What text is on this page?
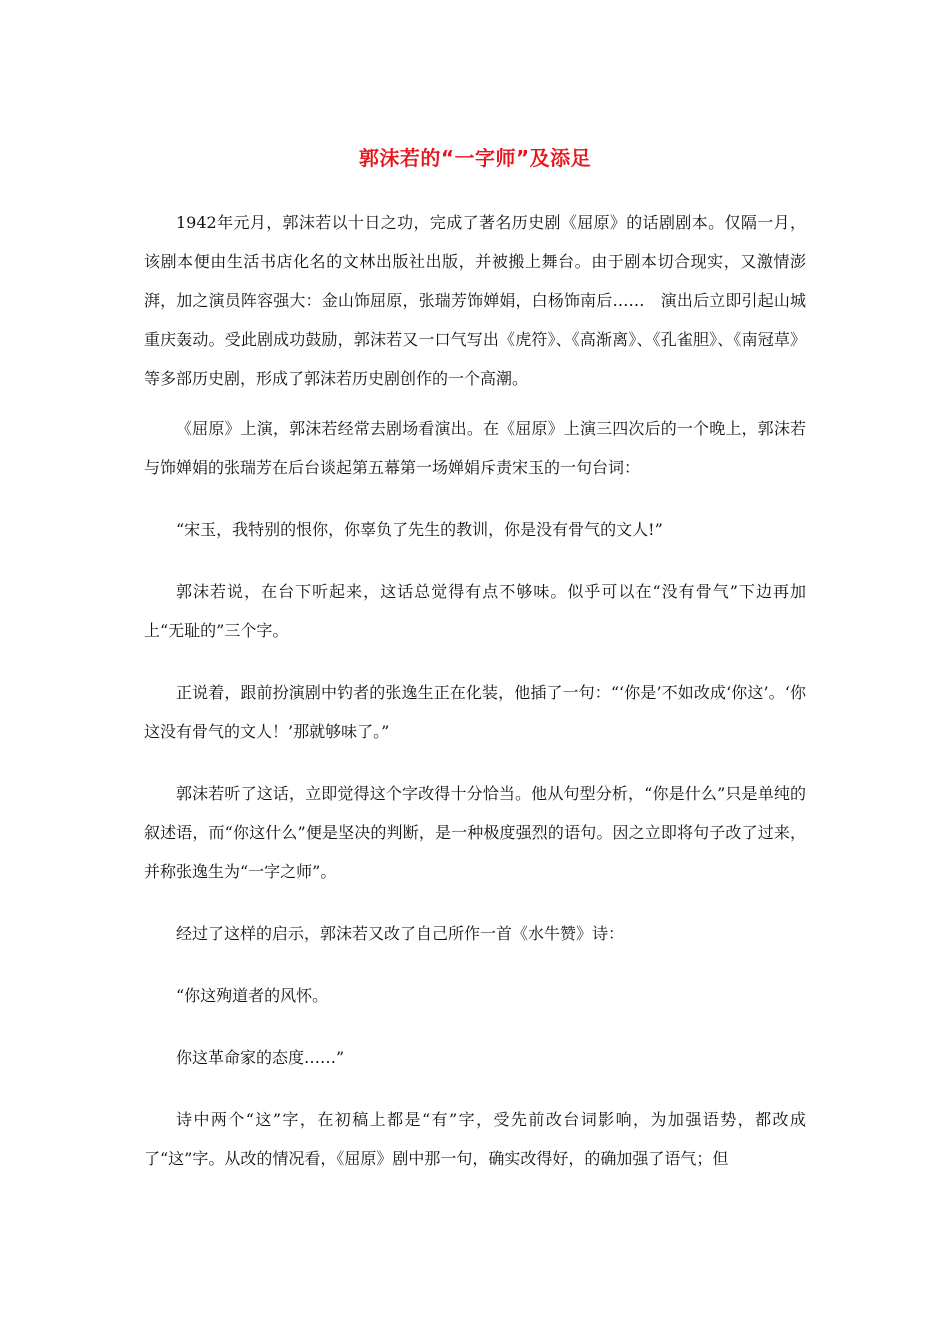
郭沫若的“一字师”及添足

1942年元月，郭沫若以十日之功，完成了著名历史剧《屈原》的话剧剧本。仅隔一月，该剧本便由生活书店化名的文林出版社出版，并被搬上舞台。由于剧本切合现实，又激情澎湃，加之演员阵容强大：金山饰屈原，张瑞芳饰婵娟，白杨饰南后……　演出后立即引起山城重庆轰动。受此剧成功鼓励，郭沫若又一口气写出《虎符》、《高渐离》、《孔雀胆》、《南冠草》等多部历史剧，形成了郭沫若历史剧创作的一个高潮。

《屈原》上演，郭沫若经常去剧场看演出。在《屈原》上演三四次后的一个晚上，郭沫若与饰婵娟的张瑞芳在后台谈起第五幕第一场婵娟斥责宋玉的一句台词：

“宋玉，我特别的恨你，你辜负了先生的教训，你是没有骨气的文人!”

郭沫若说，在台下听起来，这话总觉得有点不够味。似乎可以在“没有骨气”下边再加上“无耻的”三个字。

正说着，跟前扮演剧中钓者的张逸生正在化装，他插了一句：“‘你是’不如改成‘你这’。‘你这没有骨气的文人！’那就够味了。”

郭沫若听了这话，立即觉得这个字改得十分恰当。他从句型分析，“你是什么”只是单纯的叙述语，而“你这什么”便是坚决的判断，是一种极度强烈的语句。因之立即将句子改了过来，并称张逸生为“一字之师”。

经过了这样的启示，郭沫若又改了自己所作一首《水牛赞》诗：

“你这殉道者的风怀。

你这革命家的态度……”

诗中两个“这”字，在初稿上都是“有”字，受先前改台词影响，为加强语势，都改成了“这”字。从改的情况看，《屈原》剧中那一句，确实改得好，的确加强了语气；但
